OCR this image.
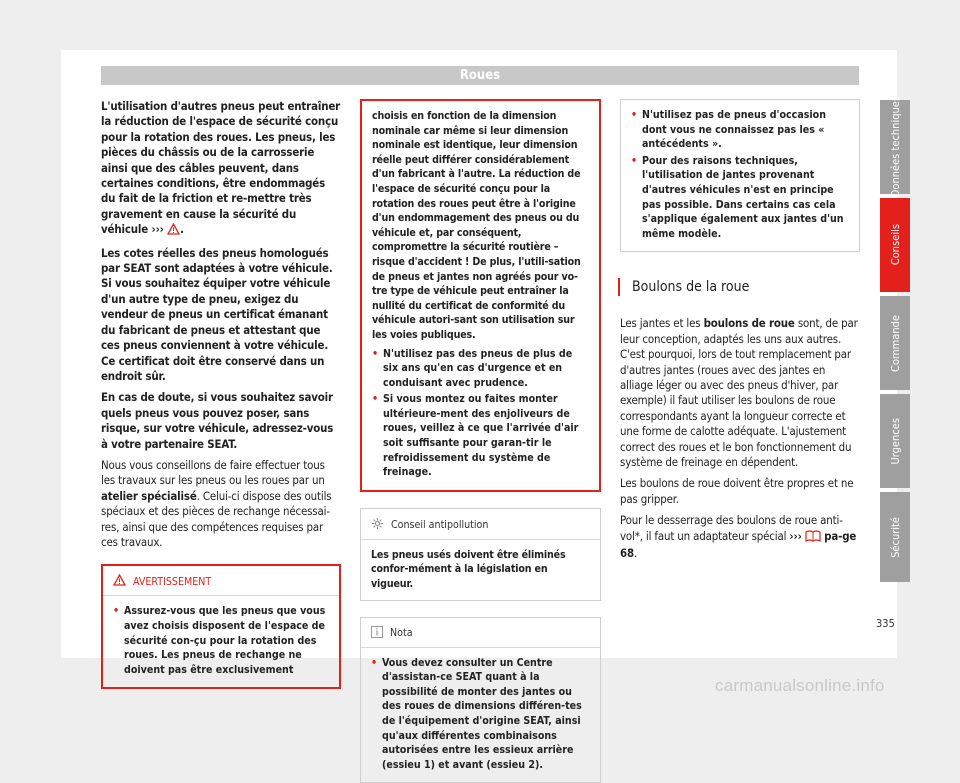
Roues

L'utilisation d'autres pneus peut entraîner la réduction de l'espace de sécurité conçu pour la rotation des roues. Les pneus, les pièces du châssis ou de la carrosserie ainsi que des câbles peuvent, dans certaines conditions, être endommagés du fait de la friction et re-mettre très gravement en cause la sécurité du véhicule ››› .

Les cotes réelles des pneus homologués par SEAT sont adaptées à votre véhicule. Si vous souhaitez équiper votre véhicule d'un autre type de pneu, exigez du vendeur de pneus un certificat émanant du fabricant de pneus et attestant que ces pneus conviennent à votre véhicule. Ce certificat doit être conservé dans un endroit sûr.

En cas de doute, si vous souhaitez savoir quels pneus vous pouvez poser, sans risque, sur votre véhicule, adressez-vous à votre partenaire SEAT.

Nous vous conseillons de faire effectuer tous les travaux sur les pneus ou les roues par un atelier spécialisé. Celui-ci dispose des outils spéciaux et des pièces de rechange nécessai-res, ainsi que des compétences requises par ces travaux.

AVERTISSEMENT
• Assurez-vous que les pneus que vous avez choisis disposent de l'espace de sécurité con-çu pour la rotation des roues. Les pneus de rechange ne doivent pas être exclusivement

choisis en fonction de la dimension nominale car même si leur dimension nominale est identique, leur dimension réelle peut différer considérablement d'un fabricant à l'autre. La réduction de l'espace de sécurité conçu pour la rotation des roues peut être à l'origine d'un endommagement des pneus ou du véhicule et, par conséquent, compromettre la sécurité routière – risque d'accident ! De plus, l'utili-sation de pneus et jantes non agréés pour vo-tre type de véhicule peut entraîner la nullité du certificat de conformité du véhicule autori-sant son utilisation sur les voies publiques.

• N'utilisez pas des pneus de plus de six ans qu'en cas d'urgence et en conduisant avec prudence.
• Si vous montez ou faites monter ultérieure-ment des enjoliveurs de roues, veillez à ce que l'arrivée d'air soit suffisante pour garan-tir le refroidissement du système de freinage.
Conseil antipollution

Les pneus usés doivent être éliminés confor-mément à la législation en vigueur.

Nota
• Vous devez consulter un Centre d'assistan-ce SEAT quant à la possibilité de monter des jantes ou des roues de dimensions différen-tes de l'équipement d'origine SEAT, ainsi qu'aux différentes combinaisons autorisées entre les essieux arrière (essieu 1) et avant (essieu 2).
• N'utilisez pas de pneus d'occasion dont vous ne connaissez pas les « antécédents ».
• Pour des raisons techniques, l'utilisation de jantes provenant d'autres véhicules n'est en principe pas possible. Dans certains cas cela s'applique également aux jantes d'un même modèle.
Boulons de la roue

Les jantes et les boulons de roue sont, de par leur conception, adaptés les uns aux autres. C'est pourquoi, lors de tout remplacement par d'autres jantes (roues avec des jantes en alliage léger ou avec des pneus d'hiver, par exemple) il faut utiliser les boulons de roue correspondants ayant la longueur correcte et une forme de calotte adéquate. L'ajustement correct des roues et le bon fonctionnement du système de freinage en dépendent.

Les boulons de roue doivent être propres et ne pas gripper.

Pour le desserrage des boulons de roue anti-vol*, il faut un adaptateur spécial ›››  pa-ge 68.

Données techniques
Conseils
Commande
Urgences
Sécurité
335
carmanualsonline.info
